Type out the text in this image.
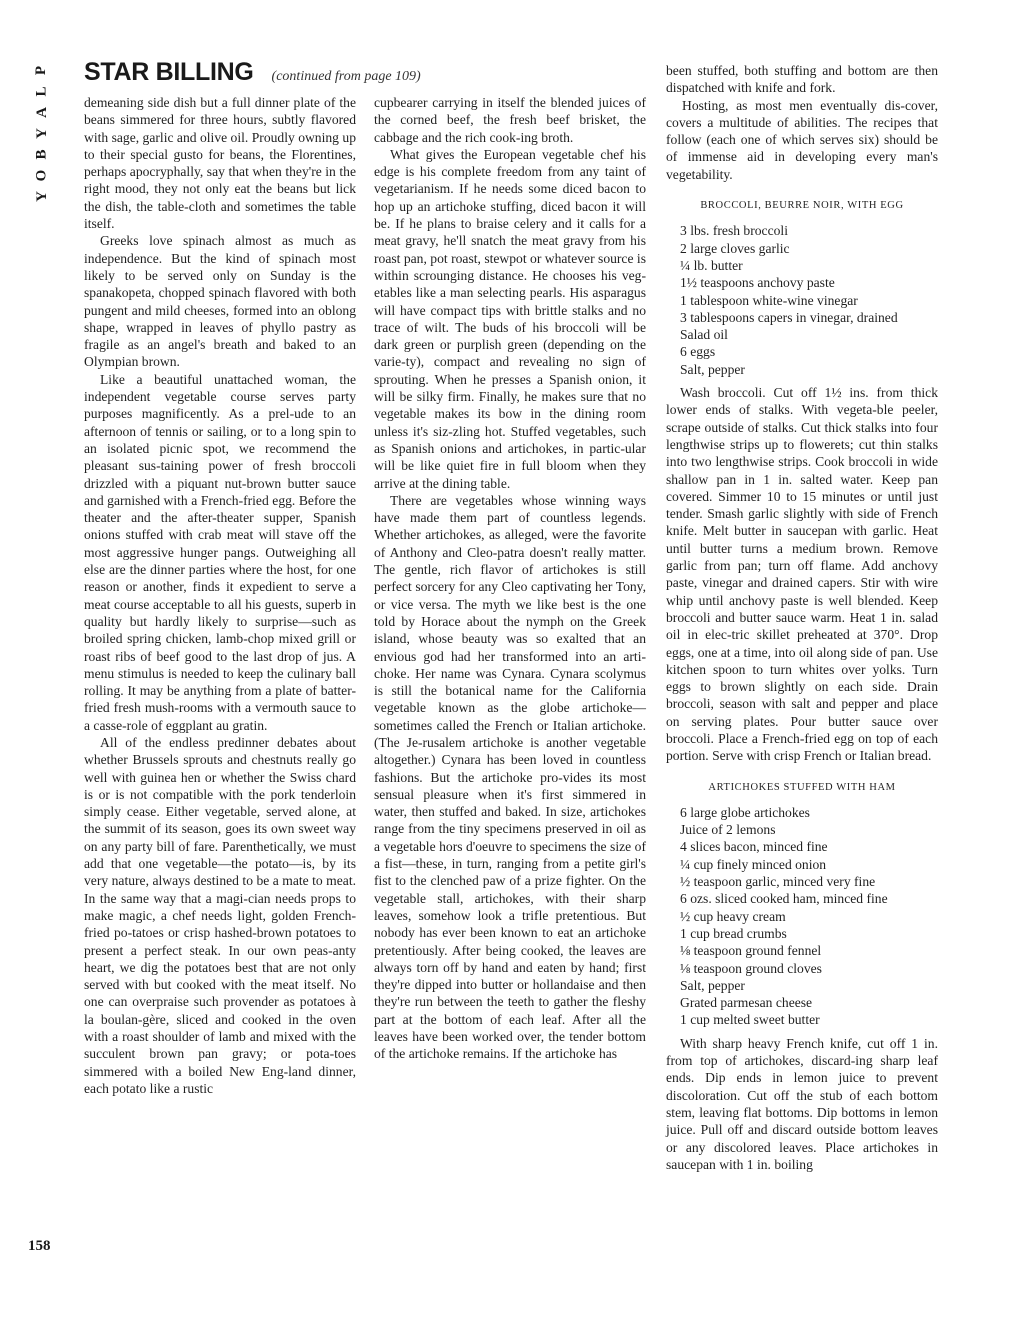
P
L
A
Y
B
O
Y
158
STAR BILLING (continued from page 109)

demeaning side dish but a full dinner plate of the beans simmered for three hours, subtly flavored with sage, garlic and olive oil. Proudly owning up to their special gusto for beans, the Florentines, perhaps apocryphally, say that when they're in the right mood, they not only eat the beans but lick the dish, the table-cloth and sometimes the table itself.

Greeks love spinach almost as much as independence. But the kind of spinach most likely to be served only on Sunday is the spanakopeta, chopped spinach flavored with both pungent and mild cheeses, formed into an oblong shape, wrapped in leaves of phyllo pastry as fragile as an angel's breath and baked to an Olympian brown.

Like a beautiful unattached woman, the independent vegetable course serves party purposes magnificently. As a prel-ude to an afternoon of tennis or sailing, or to a long spin to an isolated picnic spot, we recommend the pleasant sus-taining power of fresh broccoli drizzled with a piquant nut-brown butter sauce and garnished with a French-fried egg. Before the theater and the after-theater supper, Spanish onions stuffed with crab meat will stave off the most aggressive hunger pangs. Outweighing all else are the dinner parties where the host, for one reason or another, finds it expedient to serve a meat course acceptable to all his guests, superb in quality but hardly likely to surprise—such as broiled spring chicken, lamb-chop mixed grill or roast ribs of beef good to the last drop of jus. A menu stimulus is needed to keep the culinary ball rolling. It may be anything from a plate of batter-fried fresh mush-rooms with a vermouth sauce to a casse-role of eggplant au gratin.

All of the endless predinner debates about whether Brussels sprouts and chestnuts really go well with guinea hen or whether the Swiss chard is or is not compatible with the pork tenderloin simply cease. Either vegetable, served alone, at the summit of its season, goes its own sweet way on any party bill of fare. Parenthetically, we must add that one vegetable—the potato—is, by its very nature, always destined to be a mate to meat. In the same way that a magi-cian needs props to make magic, a chef needs light, golden French-fried po-tatoes or crisp hashed-brown potatoes to present a perfect steak. In our own peas-anty heart, we dig the potatoes best that are not only served with but cooked with the meat itself. No one can overpraise such provender as potatoes à la boulan-gère, sliced and cooked in the oven with a roast shoulder of lamb and mixed with the succulent brown pan gravy; or pota-toes simmered with a boiled New Eng-land dinner, each potato like a rustic

cupbearer carrying in itself the blended juices of the corned beef, the fresh beef brisket, the cabbage and the rich cook-ing broth.

What gives the European vegetable chef his edge is his complete freedom from any taint of vegetarianism. If he needs some diced bacon to hop up an artichoke stuffing, diced bacon it will be. If he plans to braise celery and it calls for a meat gravy, he'll snatch the meat gravy from his roast pan, pot roast, stewpot or whatever source is within scrounging distance. He chooses his veg-etables like a man selecting pearls. His asparagus will have compact tips with brittle stalks and no trace of wilt. The buds of his broccoli will be dark green or purplish green (depending on the varie-ty), compact and revealing no sign of sprouting. When he presses a Spanish onion, it will be silky firm. Finally, he makes sure that no vegetable makes its bow in the dining room unless it's siz-zling hot. Stuffed vegetables, such as Spanish onions and artichokes, in partic-ular will be like quiet fire in full bloom when they arrive at the dining table.

There are vegetables whose winning ways have made them part of countless legends. Whether artichokes, as alleged, were the favorite of Anthony and Cleo-patra doesn't really matter. The gentle, rich flavor of artichokes is still perfect sorcery for any Cleo captivating her Tony, or vice versa. The myth we like best is the one told by Horace about the nymph on the Greek island, whose beauty was so exalted that an envious god had her transformed into an arti-choke. Her name was Cynara. Cynara scolymus is still the botanical name for the California vegetable known as the globe artichoke—sometimes called the French or Italian artichoke. (The Je-rusalem artichoke is another vegetable altogether.) Cynara has been loved in countless fashions. But the artichoke pro-vides its most sensual pleasure when it's first simmered in water, then stuffed and baked. In size, artichokes range from the tiny specimens preserved in oil as a vegetable hors d'oeuvre to specimens the size of a fist—these, in turn, ranging from a petite girl's fist to the clenched paw of a prize fighter. On the vegetable stall, artichokes, with their sharp leaves, somehow look a trifle pretentious. But nobody has ever been known to eat an artichoke pretentiously. After being cooked, the leaves are always torn off by hand and eaten by hand; first they're dipped into butter or hollandaise and then they're run between the teeth to gather the fleshy part at the bottom of each leaf. After all the leaves have been worked over, the tender bottom of the artichoke remains. If the artichoke has

been stuffed, both stuffing and bottom are then dispatched with knife and fork.

Hosting, as most men eventually dis-cover, covers a multitude of abilities. The recipes that follow (each one of which serves six) should be of immense aid in developing every man's vegetability.

BROCCOLI, BEURRE NOIR, WITH EGG
3 lbs. fresh broccoli
2 large cloves garlic
¼ lb. butter
1½ teaspoons anchovy paste
1 tablespoon white-wine vinegar
3 tablespoons capers in vinegar, drained
Salad oil
6 eggs
Salt, pepper

Wash broccoli. Cut off 1½ ins. from thick lower ends of stalks. With vegeta-ble peeler, scrape outside of stalks. Cut thick stalks into four lengthwise strips up to flowerets; cut thin stalks into two lengthwise strips. Cook broccoli in wide shallow pan in 1 in. salted water. Keep pan covered. Simmer 10 to 15 minutes or until just tender. Smash garlic slightly with side of French knife. Melt butter in saucepan with garlic. Heat until butter turns a medium brown. Remove garlic from pan; turn off flame. Add anchovy paste, vinegar and drained capers. Stir with wire whip until anchovy paste is well blended. Keep broccoli and butter sauce warm. Heat 1 in. salad oil in elec-tric skillet preheated at 370°. Drop eggs, one at a time, into oil along side of pan. Use kitchen spoon to turn whites over yolks. Turn eggs to brown slightly on each side. Drain broccoli, season with salt and pepper and place on serving plates. Pour butter sauce over broccoli. Place a French-fried egg on top of each portion. Serve with crisp French or Italian bread.

ARTICHOKES STUFFED WITH HAM
6 large globe artichokes
Juice of 2 lemons
4 slices bacon, minced fine
¼ cup finely minced onion
½ teaspoon garlic, minced very fine
6 ozs. sliced cooked ham, minced fine
½ cup heavy cream
1 cup bread crumbs
⅛ teaspoon ground fennel
⅛ teaspoon ground cloves
Salt, pepper
Grated parmesan cheese
1 cup melted sweet butter

With sharp heavy French knife, cut off 1 in. from top of artichokes, discard-ing sharp leaf ends. Dip ends in lemon juice to prevent discoloration. Cut off the stub of each bottom stem, leaving flat bottoms. Dip bottoms in lemon juice. Pull off and discard outside bottom leaves or any discolored leaves. Place artichokes in saucepan with 1 in. boiling
